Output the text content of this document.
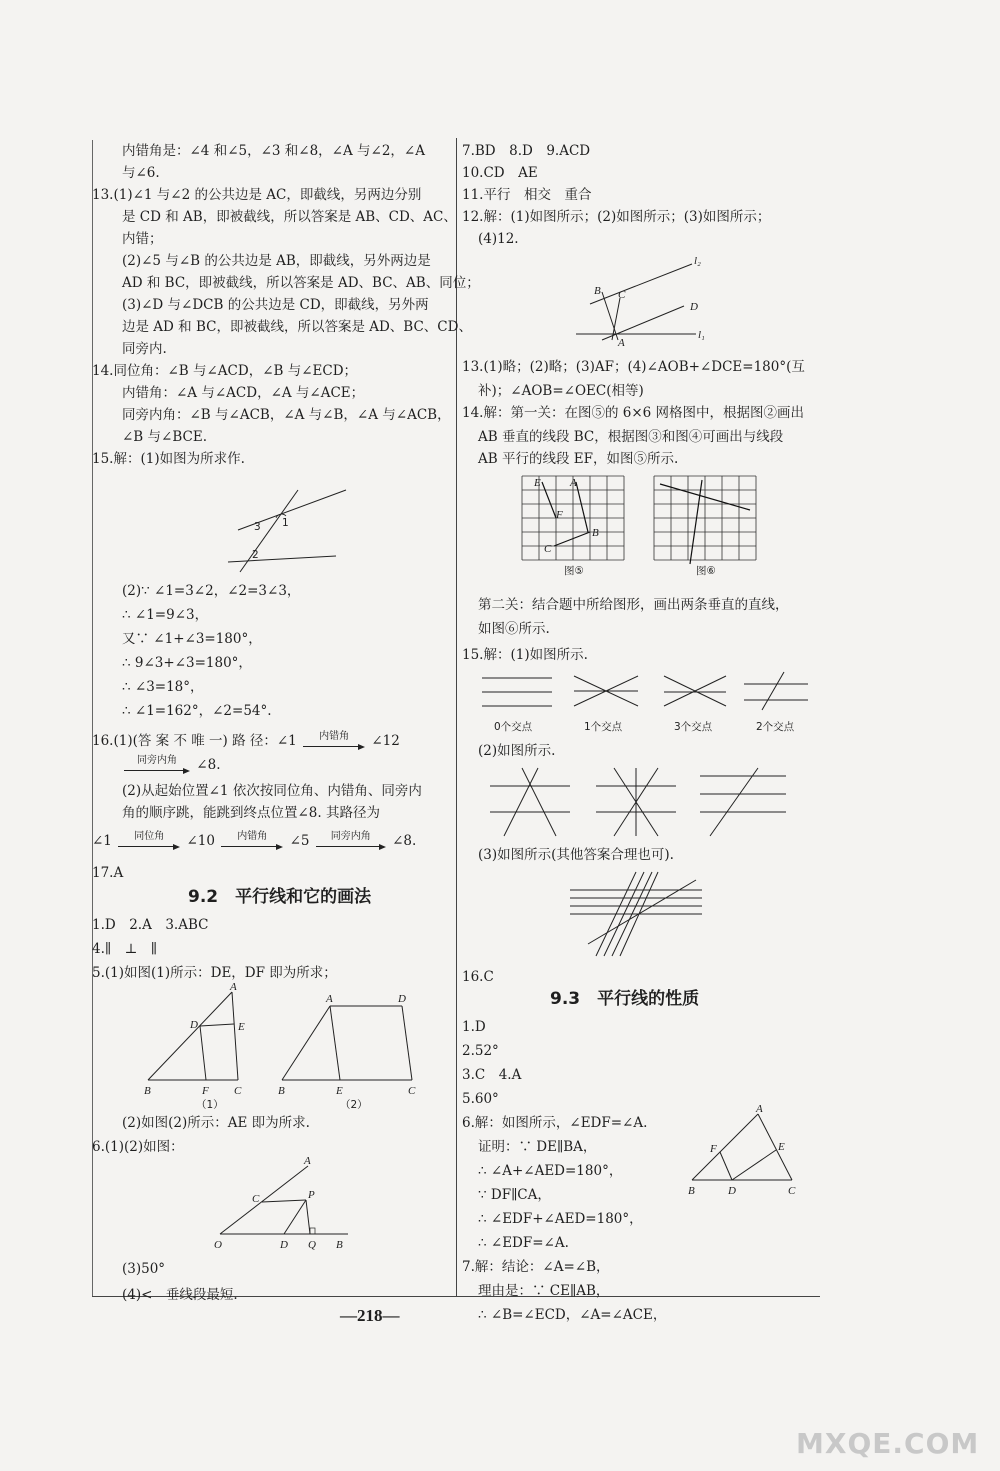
内错角是：∠4 和∠5，∠3 和∠8，∠A 与∠2，∠A
与∠6.
13.(1)∠1 与∠2 的公共边是 AC，即截线，另两边分别
是 CD 和 AB，即被截线，所以答案是 AB、CD、AC、
内错；
(2)∠5 与∠B 的公共边是 AB，即截线，另外两边是
AD 和 BC，即被截线，所以答案是 AD、BC、AB、同位；
(3)∠D 与∠DCB 的公共边是 CD，即截线，另外两
边是 AD 和 BC，即被截线，所以答案是 AD、BC、CD、
同旁内.
14.同位角：∠B 与∠ACD，∠B 与∠ECD；
内错角：∠A 与∠ACD，∠A 与∠ACE；
同旁内角：∠B 与∠ACB，∠A 与∠B，∠A 与∠ACB，
∠B 与∠BCE.
15.解：(1)如图为所求作.
3 1
2
(2)∵ ∠1=3∠2，∠2=3∠3，
∴ ∠1=9∠3，
又∵ ∠1+∠3=180°，
∴ 9∠3+∠3=180°，
∴ ∠3=18°，
∴ ∠1=162°，∠2=54°.
16.(1)(答 案 不 唯 一) 路 径：∠1	内错角	∠12
同旁内角	∠8.
(2)从起始位置∠1 依次按同位角、内错角、同旁内
角的顺序跳，能跳到终点位置∠8. 其路径为
∠1	同位角	∠10	内错角	∠5	同旁内角	∠8.
17.A
9.2　平行线和它的画法
1.D　2.A　3.ABC
4.∥　⊥　∥
5.(1)如图(1)所示：DE，DF 即为所求；
A
D	E
B	F C
（1）
A	D
B	E	C
（2）
(2)如图(2)所示：AE 即为所求.
6.(1)(2)如图：
A
C	P
O	D Q B
(3)50°
(4)<　垂线段最短.
7.BD　8.D　9.ACD
10.CD　AE
11.平行　相交　重合
12.解：(1)如图所示；(2)如图所示；(3)如图所示；
(4)12.
B C
D
A
l₂
l₁
13.(1)略；(2)略；(3)AF；(4)∠AOB+∠DCE=180°(互
补)；∠AOB=∠OEC(相等)
14.解：第一关：在图⑤的 6×6 网格图中，根据图②画出
AB 垂直的线段 BC，根据图③和图④可画出与线段
AB 平行的线段 EF，如图⑤所示.
E	A
F
B
C
图⑤	图⑥
第二关：结合题中所给图形，画出两条垂直的直线，
如图⑥所示.
15.解：(1)如图所示.
0个交点	1个交点	3个交点	2个交点
(2)如图所示.
(3)如图所示(其他答案合理也可).
16.C
9.3　平行线的性质
1.D
2.52°
3.C　4.A
5.60°
6.解：如图所示，∠EDF=∠A.
证明：∵ DE∥BA，
∴ ∠A+∠AED=180°，
∵ DF∥CA，
∴ ∠EDF+∠AED=180°，
∴ ∠EDF=∠A.
A
F	E
B	D	C
7.解：结论：∠A=∠B，
理由是：∵ CE∥AB，
∴ ∠B=∠ECD，∠A=∠ACE，
—218—
MXQE.COM
